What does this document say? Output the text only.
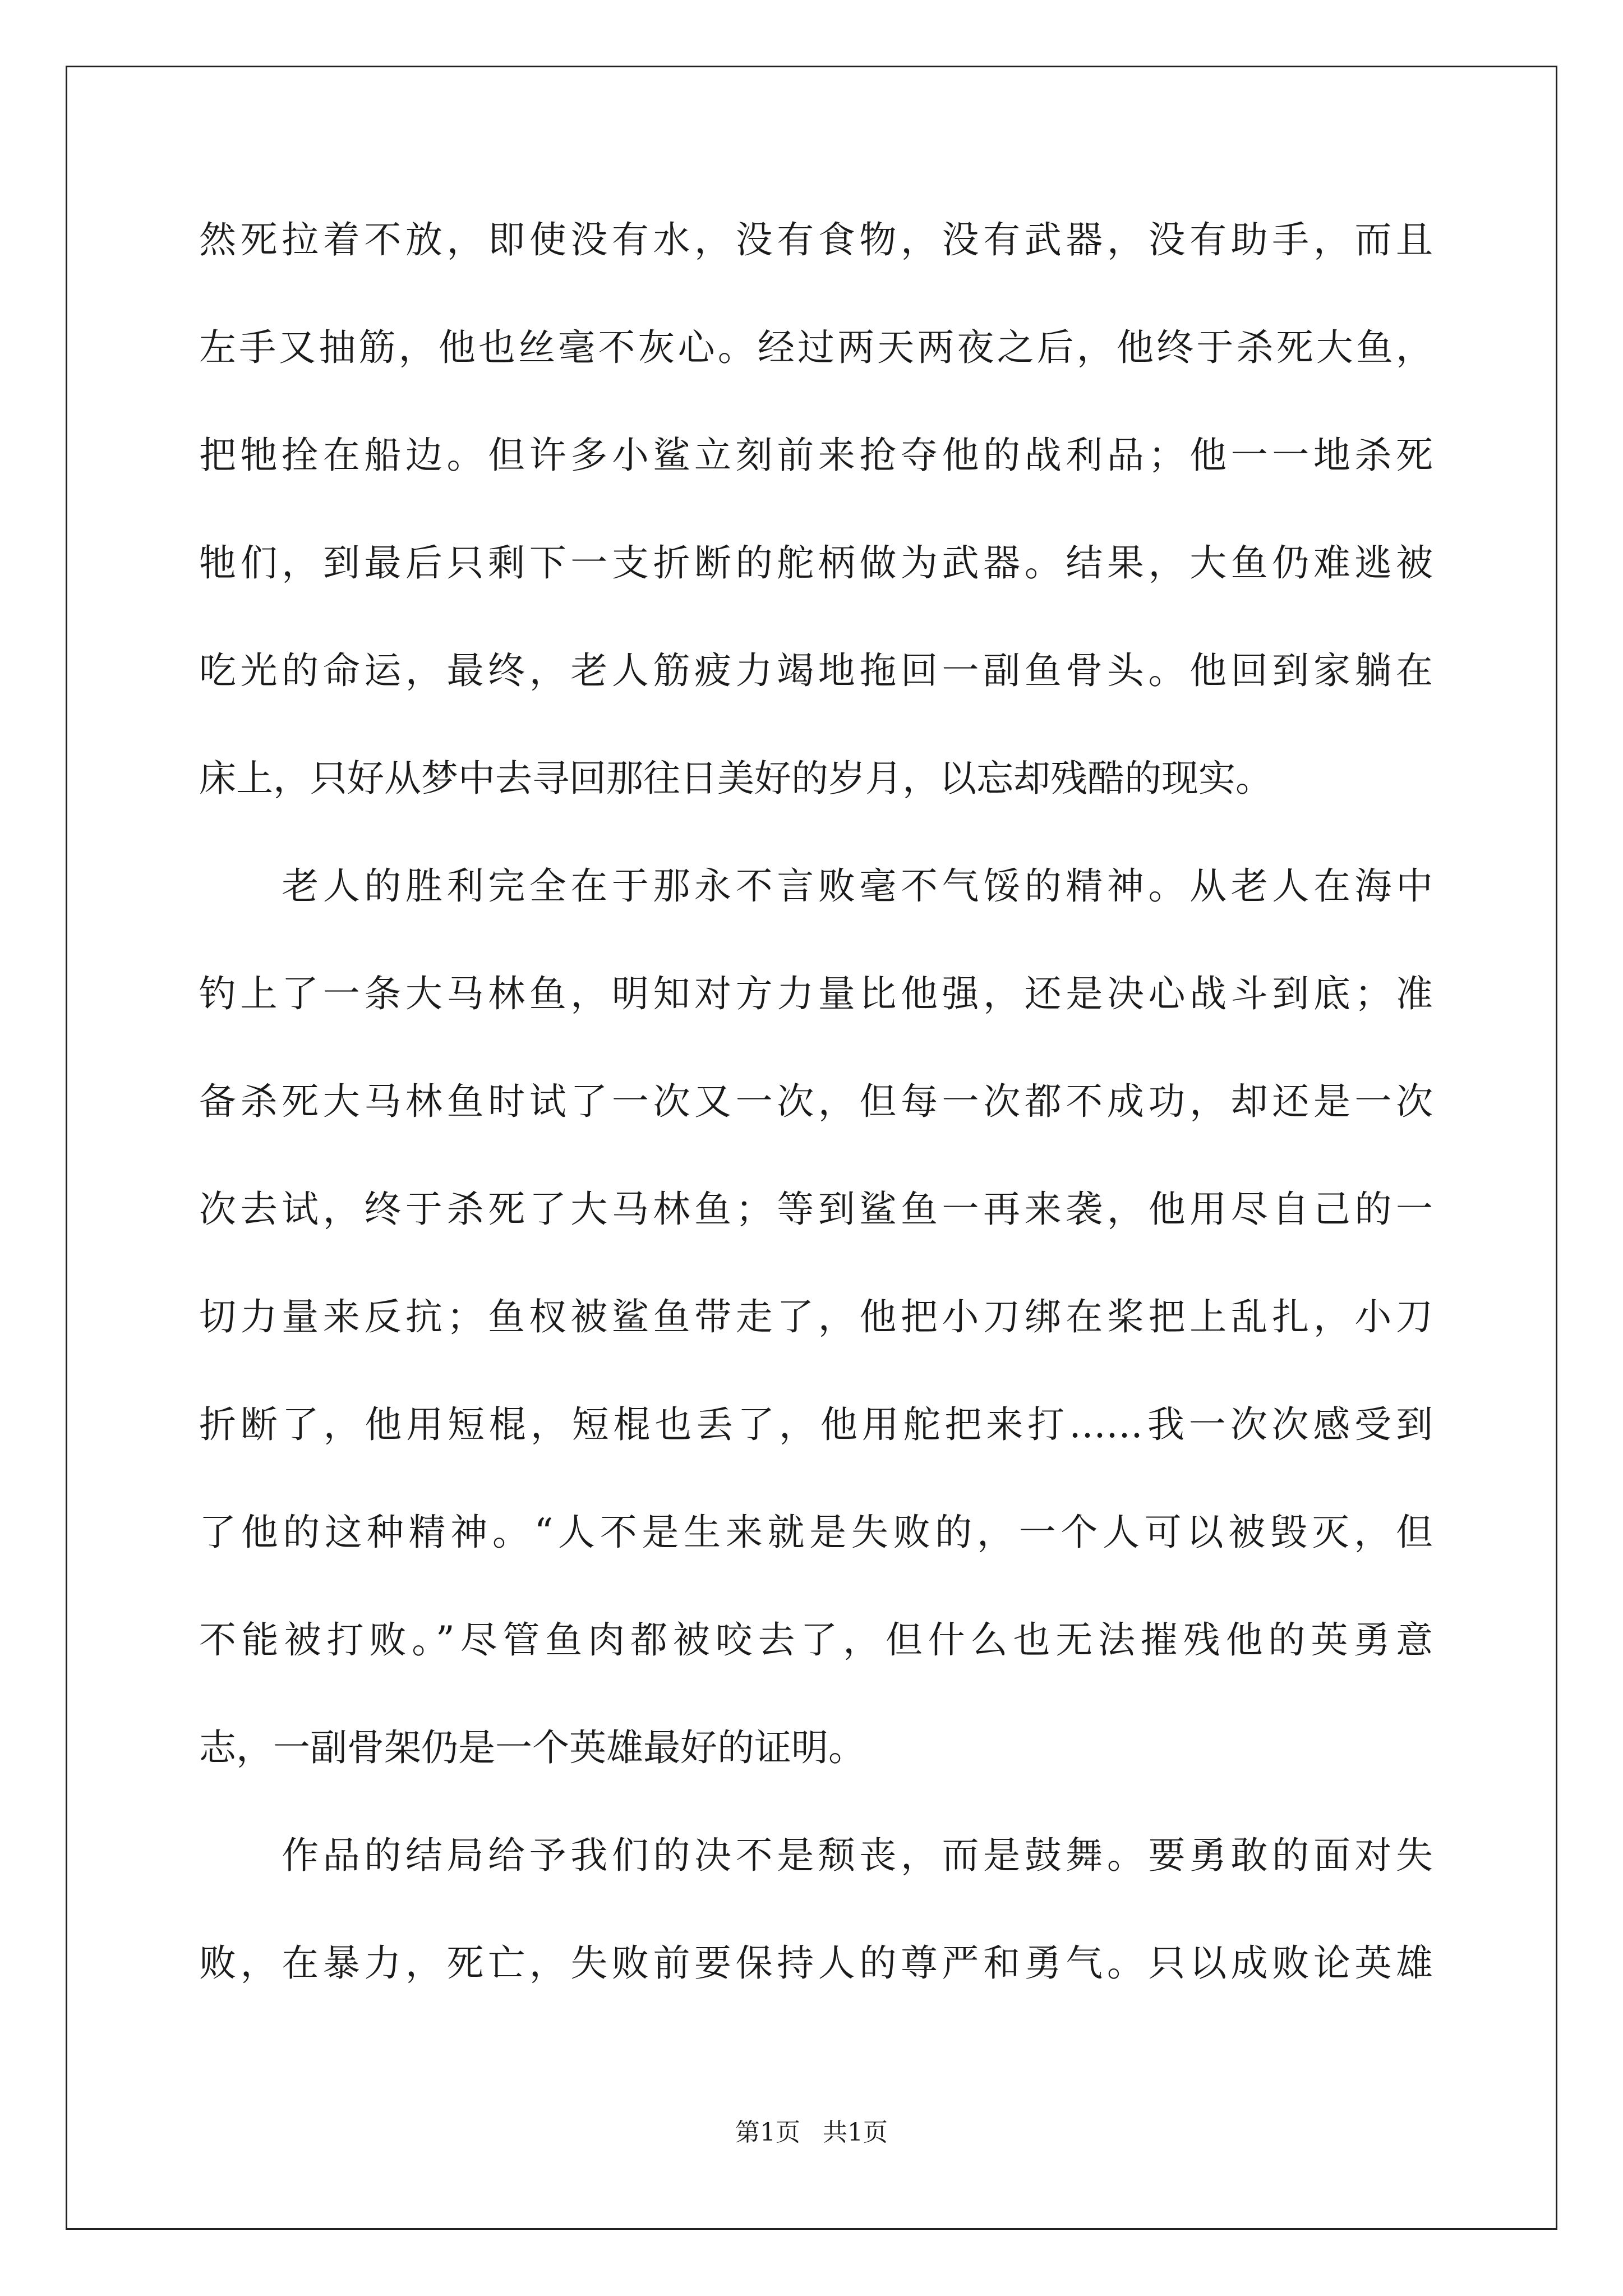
然死拉着不放，即使没有水，没有食物，没有武器，没有助手，而且
左手又抽筋，他也丝毫不灰心。经过两天两夜之后，他终于杀死大鱼，
把牠拴在船边。但许多小鲨立刻前来抢夺他的战利品；他一一地杀死
牠们，到最后只剩下一支折断的舵柄做为武器。结果，大鱼仍难逃被
吃光的命运，最终，老人筋疲力竭地拖回一副鱼骨头。他回到家躺在
床上，只好从梦中去寻回那往日美好的岁月，以忘却残酷的现实。
　　老人的胜利完全在于那永不言败毫不气馁的精神。从老人在海中
钓上了一条大马林鱼，明知对方力量比他强，还是决心战斗到底；准
备杀死大马林鱼时试了一次又一次，但每一次都不成功，却还是一次
次去试，终于杀死了大马林鱼；等到鲨鱼一再来袭，他用尽自己的一
切力量来反抗；鱼杈被鲨鱼带走了，他把小刀绑在桨把上乱扎，小刀
折断了，他用短棍，短棍也丢了，他用舵把来打……我一次次感受到
了他的这种精神。“人不是生来就是失败的，一个人可以被毁灭，但
不能被打败。”尽管鱼肉都被咬去了，但什么也无法摧残他的英勇意
志，一副骨架仍是一个英雄最好的证明。
　　作品的结局给予我们的决不是颓丧，而是鼓舞。要勇敢的面对失
败，在暴力，死亡，失败前要保持人的尊严和勇气。只以成败论英雄
第1页 共1页
